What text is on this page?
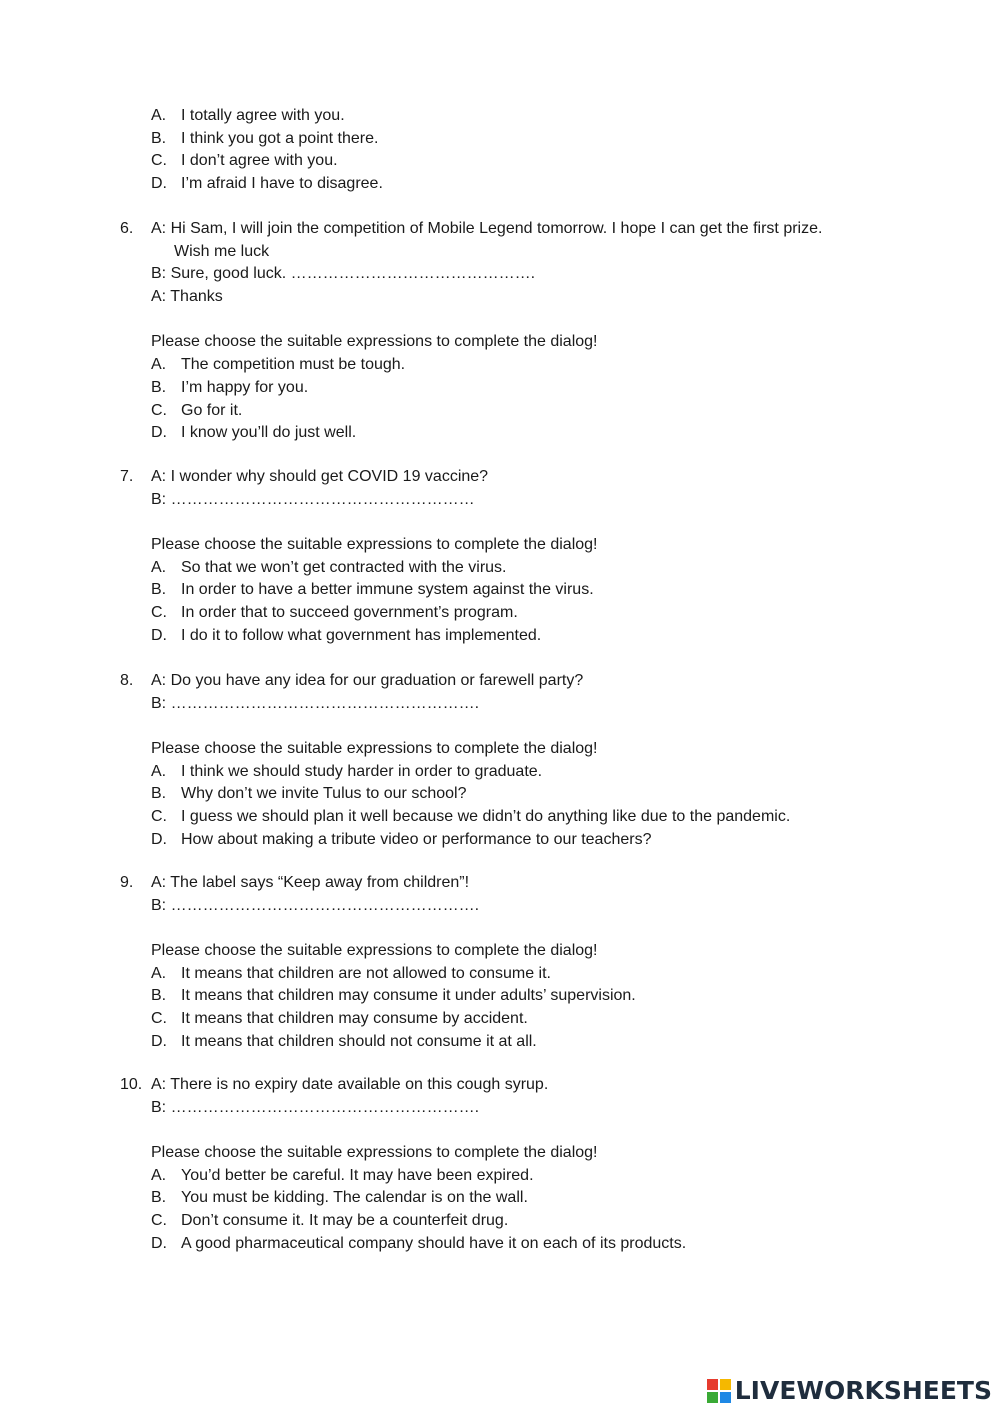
A. I totally agree with you.
B. I think you got a point there.
C. I don’t agree with you.
D. I’m afraid I have to disagree.
6.	A: Hi Sam, I will join the competition of Mobile Legend tomorrow. I hope I can get the first prize.
Wish me luck
B: Sure, good luck. ……………………………………….
A: Thanks
Please choose the suitable expressions to complete the dialog!
A. The competition must be tough.
B. I’m happy for you.
C. Go for it.
D. I know you’ll do just well.
7.	A: I wonder why should get COVID 19 vaccine?
B: …………………………………………………
Please choose the suitable expressions to complete the dialog!
A. So that we won’t get contracted with the virus.
B. In order to have a better immune system against the virus.
C. In order that to succeed government’s program.
D. I do it to follow what government has implemented.
8.	A: Do you have any idea for our graduation or farewell party?
B: ………………………………………………….
Please choose the suitable expressions to complete the dialog!
A. I think we should study harder in order to graduate.
B. Why don’t we invite Tulus to our school?
C. I guess we should plan it well because we didn’t do anything like due to the pandemic.
D. How about making a tribute video or performance to our teachers?
9.	A: The label says “Keep away from children”!
B: ………………………………………………….
Please choose the suitable expressions to complete the dialog!
A. It means that children are not allowed to consume it.
B. It means that children may consume it under adults’ supervision.
C. It means that children may consume by accident.
D. It means that children should not consume it at all.
10. A: There is no expiry date available on this cough syrup.
B: ………………………………………………….
Please choose the suitable expressions to complete the dialog!
A. You’d better be careful. It may have been expired.
B. You must be kidding. The calendar is on the wall.
C. Don’t consume it. It may be a counterfeit drug.
D. A good pharmaceutical company should have it on each of its products.
LIVEWORKSHEETS
